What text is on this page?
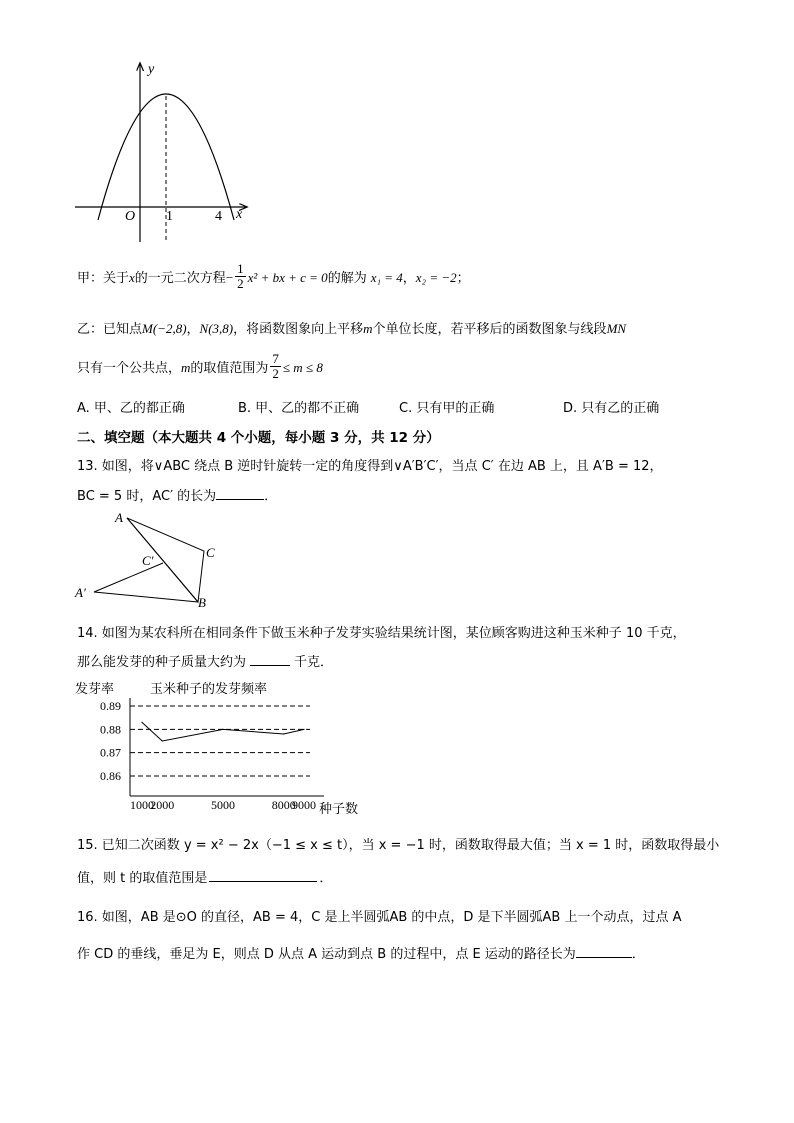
y
x
O 1	4
甲：关于x的一元二次方程− $\frac{1}{2} x^2$ + bx + c = 0的解为 x₁ = 4，x₂ = −2；
乙：已知点M(−2,8)，N(3,8)，将函数图象向上平移m个单位长度，若平移后的函数图象与线段MN
只有一个公共点，m的取值范围为 $\frac{7}{2} \le m \le 8$
A. 甲、乙的都正确	B. 甲、乙的都不正确	C. 只有甲的正确	D. 只有乙的正确
二、填空题（本大题共 4 个小题，每小题 3 分，共 12 分）
13. 如图，将∨ABC 绕点 B 逆时针旋转一定的角度得到∨A′B′C′，当点 C′ 在边 AB 上，且 A′B = 12，
BC = 5 时，AC′ 的长为	．
A
C
C′
A′
B
14. 如图为某农科所在相同条件下做玉米种子发芽实验结果统计图，某位顾客购进这种玉米种子 10 千克，
那么能发芽的种子质量大约为	千克．
发芽率	玉米种子的发芽频率
种子数
0.89
0.88
0.87
0.86
1000
2000	5000	8000
9000
15. 已知二次函数 y = x² − 2x（−1 ≤ x ≤ t），当 x = −1 时，函数取得最大值；当 x = 1 时，函数取得最小
值，则 t 的取值范围是	．
16. 如图，AB 是⊙O 的直径，AB = 4，C 是上半圆弧AB 的中点，D 是下半圆弧AB 上一个动点，过点 A
作 CD 的垂线，垂足为 E，则点 D 从点 A 运动到点 B 的过程中，点 E 运动的路径长为	．
